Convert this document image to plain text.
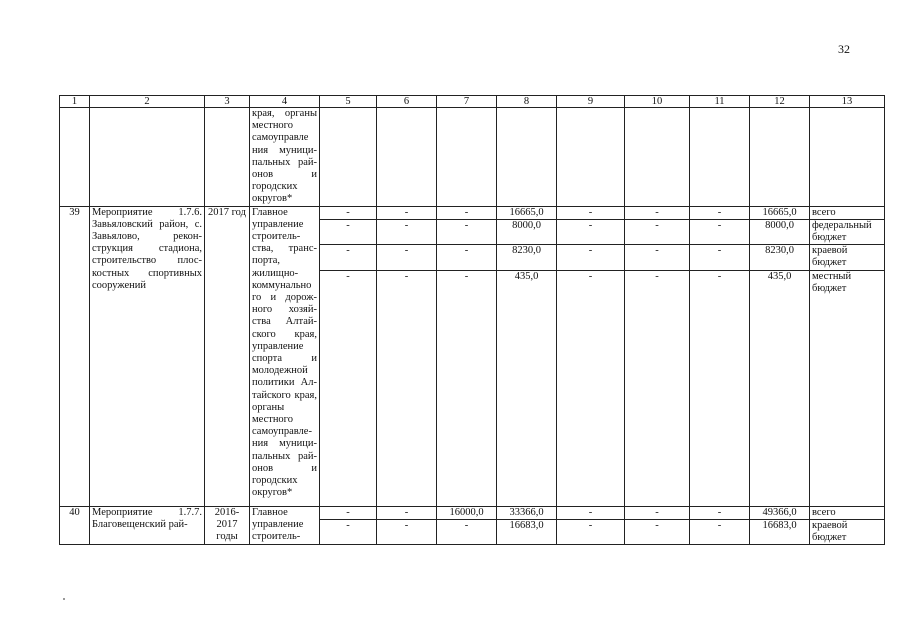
32
1	2	3	4	5	6	7	8	9	10	11	12	13
			края, органы местного самоуправле ния муници-пальных рай-онов и городских округов*									
39	Мероприятие 1.7.6. Завьяловский район, с. Завьялово, рекон-струкция стадиона, строительство плос-костных спортивных сооружений	2017 год	Главное управление строитель-ства, транс-порта, жилищно-коммунально го и дорож-ного хозяй-ства Алтай-ского края, управление спорта и молодежной политики Ал-тайского края, органы местного самоуправле-ния муници-пальных рай-онов и городских округов*	-	-	-	16665,0	-	-	-	16665,0	всего
				-	-	-	8000,0	-	-	-	8000,0	федеральный бюджет
				-	-	-	8230,0	-	-	-	8230,0	краевой бюджет
				-	-	-	435,0	-	-	-	435,0	местный бюджет
40	Мероприятие 1.7.7. Благовещенский рай-	2016-2017 годы	Главное управление строитель-	-	-	16000,0	33366,0	-	-	-	49366,0	всего
				-	-	-	16683,0	-	-	-	16683,0	краевой бюджет
